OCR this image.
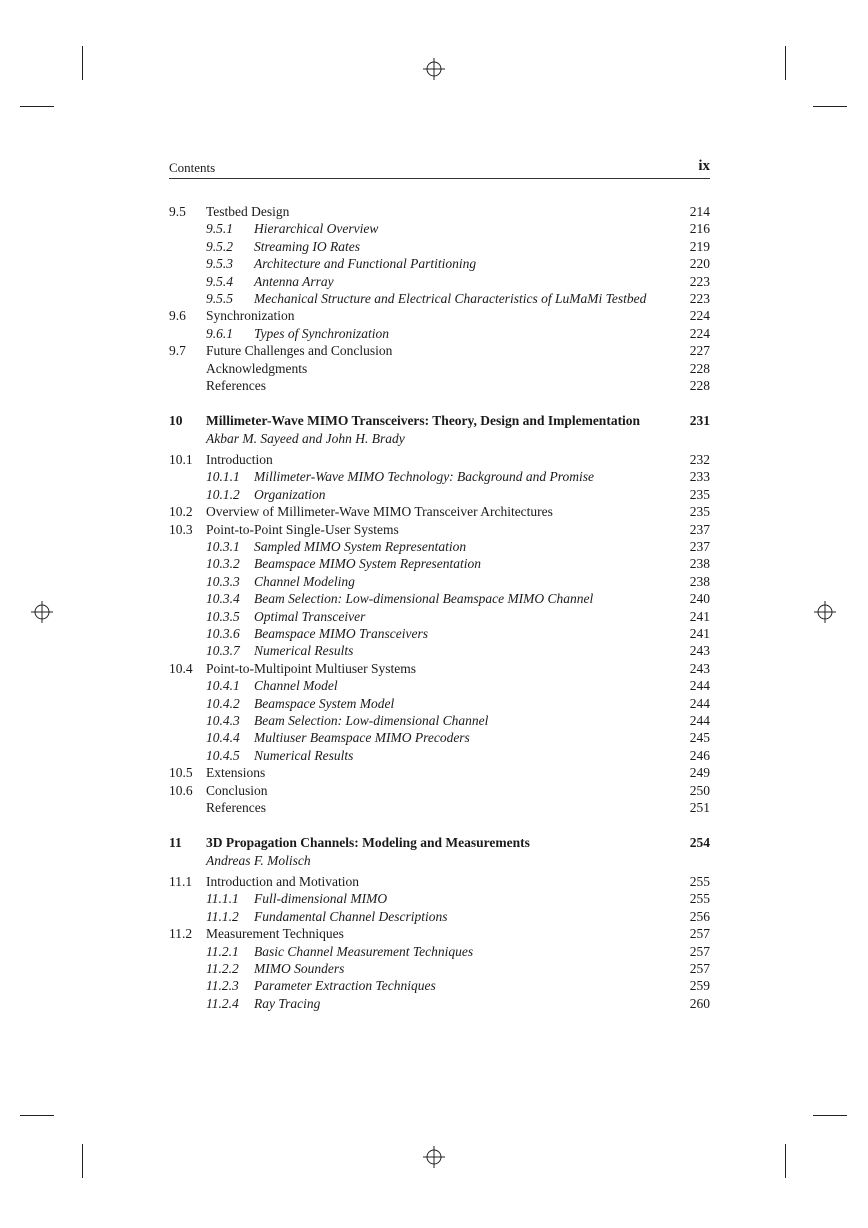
Contents	ix
9.5 Testbed Design	214
9.5.1 Hierarchical Overview	216
9.5.2 Streaming IO Rates	219
9.5.3 Architecture and Functional Partitioning	220
9.5.4 Antenna Array	223
9.5.5 Mechanical Structure and Electrical Characteristics of LuMaMi Testbed	223
9.6 Synchronization	224
9.6.1 Types of Synchronization	224
9.7 Future Challenges and Conclusion	227
Acknowledgments	228
References	228
10 Millimeter-Wave MIMO Transceivers: Theory, Design and Implementation	231
Akbar M. Sayeed and John H. Brady
10.1 Introduction	232
10.1.1 Millimeter-Wave MIMO Technology: Background and Promise	233
10.1.2 Organization	235
10.2 Overview of Millimeter-Wave MIMO Transceiver Architectures	235
10.3 Point-to-Point Single-User Systems	237
10.3.1 Sampled MIMO System Representation	237
10.3.2 Beamspace MIMO System Representation	238
10.3.3 Channel Modeling	238
10.3.4 Beam Selection: Low-dimensional Beamspace MIMO Channel	240
10.3.5 Optimal Transceiver	241
10.3.6 Beamspace MIMO Transceivers	241
10.3.7 Numerical Results	243
10.4 Point-to-Multipoint Multiuser Systems	243
10.4.1 Channel Model	244
10.4.2 Beamspace System Model	244
10.4.3 Beam Selection: Low-dimensional Channel	244
10.4.4 Multiuser Beamspace MIMO Precoders	245
10.4.5 Numerical Results	246
10.5 Extensions	249
10.6 Conclusion	250
References	251
11 3D Propagation Channels: Modeling and Measurements	254
Andreas F. Molisch
11.1 Introduction and Motivation	255
11.1.1 Full-dimensional MIMO	255
11.1.2 Fundamental Channel Descriptions	256
11.2 Measurement Techniques	257
11.2.1 Basic Channel Measurement Techniques	257
11.2.2 MIMO Sounders	257
11.2.3 Parameter Extraction Techniques	259
11.2.4 Ray Tracing	260
